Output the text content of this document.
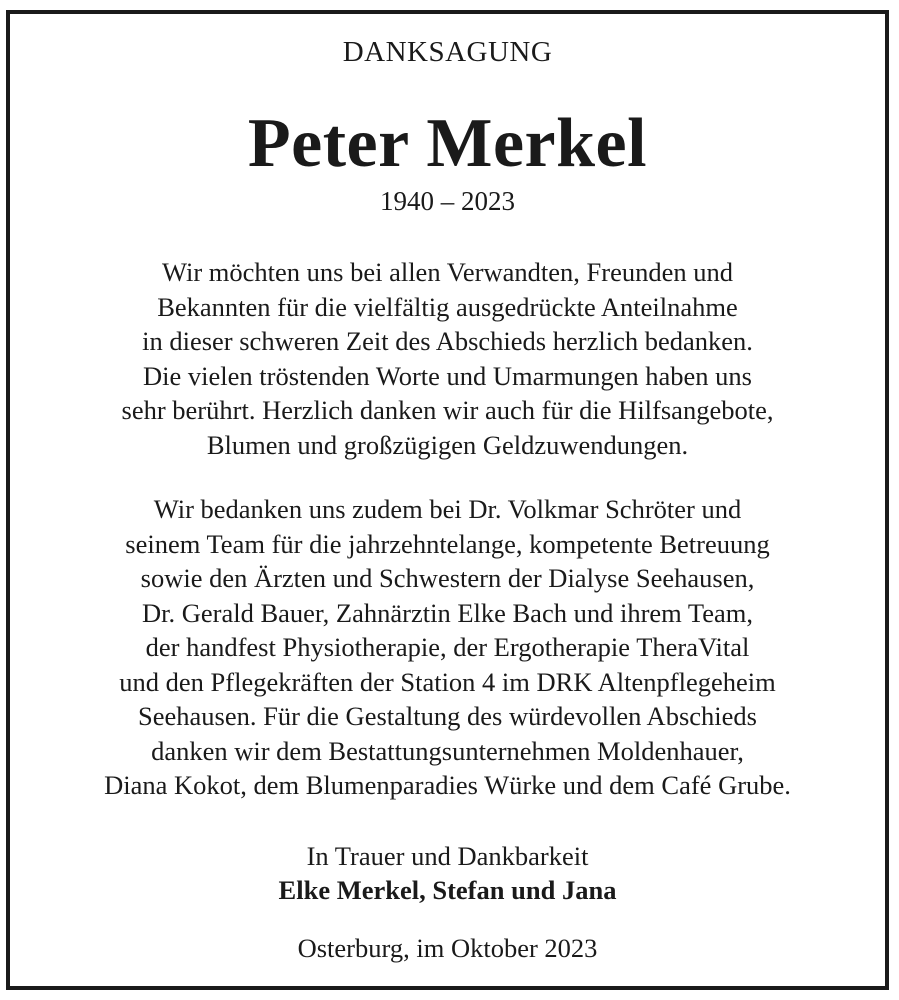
DANKSAGUNG
Peter Merkel
1940 – 2023
Wir möchten uns bei allen Verwandten, Freunden und
Bekannten für die vielfältig ausgedrückte Anteilnahme
in dieser schweren Zeit des Abschieds herzlich bedanken.
Die vielen tröstenden Worte und Umarmungen haben uns
sehr berührt. Herzlich danken wir auch für die Hilfsangebote,
Blumen und großzügigen Geldzuwendungen.
Wir bedanken uns zudem bei Dr. Volkmar Schröter und
seinem Team für die jahrzehntelange, kompetente Betreuung
sowie den Ärzten und Schwestern der Dialyse Seehausen,
Dr. Gerald Bauer, Zahnärztin Elke Bach und ihrem Team,
der handfest Physiotherapie, der Ergotherapie TheraVital
und den Pflegekräften der Station 4 im DRK Altenpflegeheim
Seehausen. Für die Gestaltung des würdevollen Abschieds
danken wir dem Bestattungsunternehmen Moldenhauer,
Diana Kokot, dem Blumenparadies Würke und dem Café Grube.
In Trauer und Dankbarkeit
Elke Merkel, Stefan und Jana
Osterburg, im Oktober 2023
